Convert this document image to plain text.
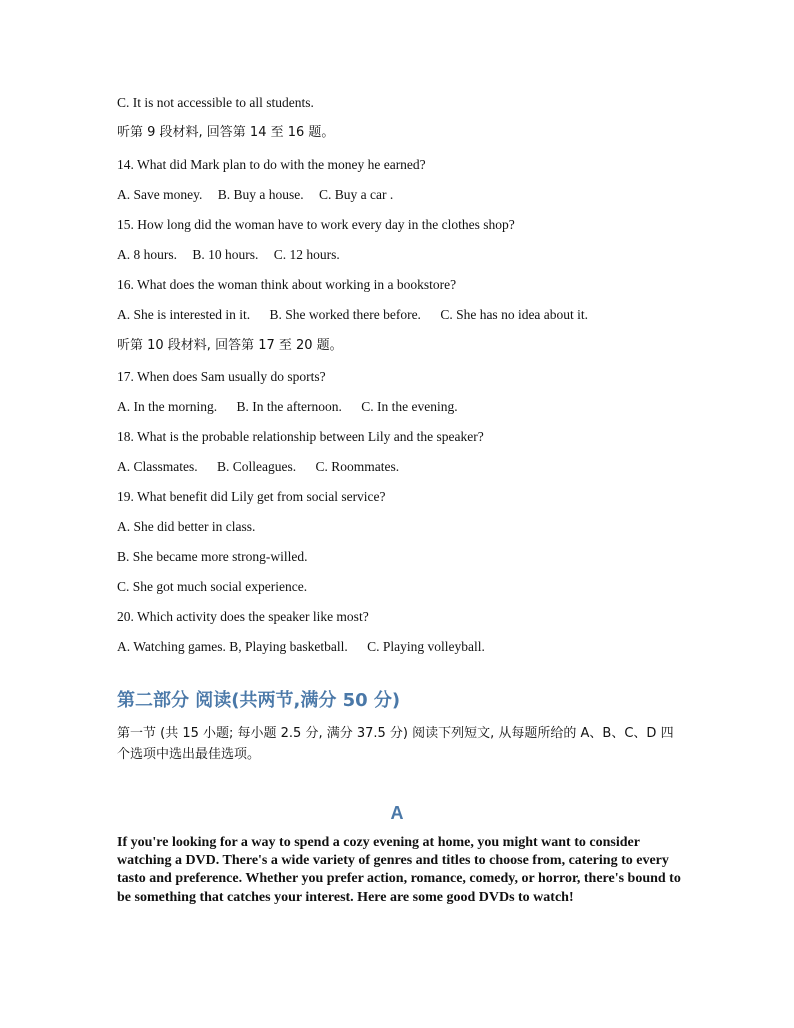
C. It is not accessible to all students.
听第 9 段材料, 回答第 14 至 16 题。
14. What did Mark plan to do with the money he earned?
A. Save money. B. Buy a house. C. Buy a car .
15. How long did the woman have to work every day in the clothes shop?
A. 8 hours. B. 10 hours. C. 12 hours.
16. What does the woman think about working in a bookstore?
A. She is interested in it. B. She worked there before. C. She has no idea about it.
听第 10 段材料, 回答第 17 至 20 题。
17. When does Sam usually do sports?
A. In the morning. B. In the afternoon. C. In the evening.
18. What is the probable relationship between Lily and the speaker?
A. Classmates. B. Colleagues. C. Roommates.
19. What benefit did Lily get from social service?
A. She did better in class.
B. She became more strong-willed.
C. She got much social experience.
20. Which activity does the speaker like most?
A. Watching games. B, Playing basketball. C. Playing volleyball.
第二部分 阅读(共两节,满分 50 分)
第一节 (共 15 小题; 每小题 2.5 分, 满分 37.5 分) 阅读下列短文, 从每题所给的 A、B、C、D 四个选项中选出最佳选项。
A
If you're looking for a way to spend a cozy evening at home, you might want to consider watching a DVD. There's a wide variety of genres and titles to choose from, catering to every tasto and preference. Whether you prefer action, romance, comedy, or horror, there's bound to be something that catches your interest. Here are some good DVDs to watch!
